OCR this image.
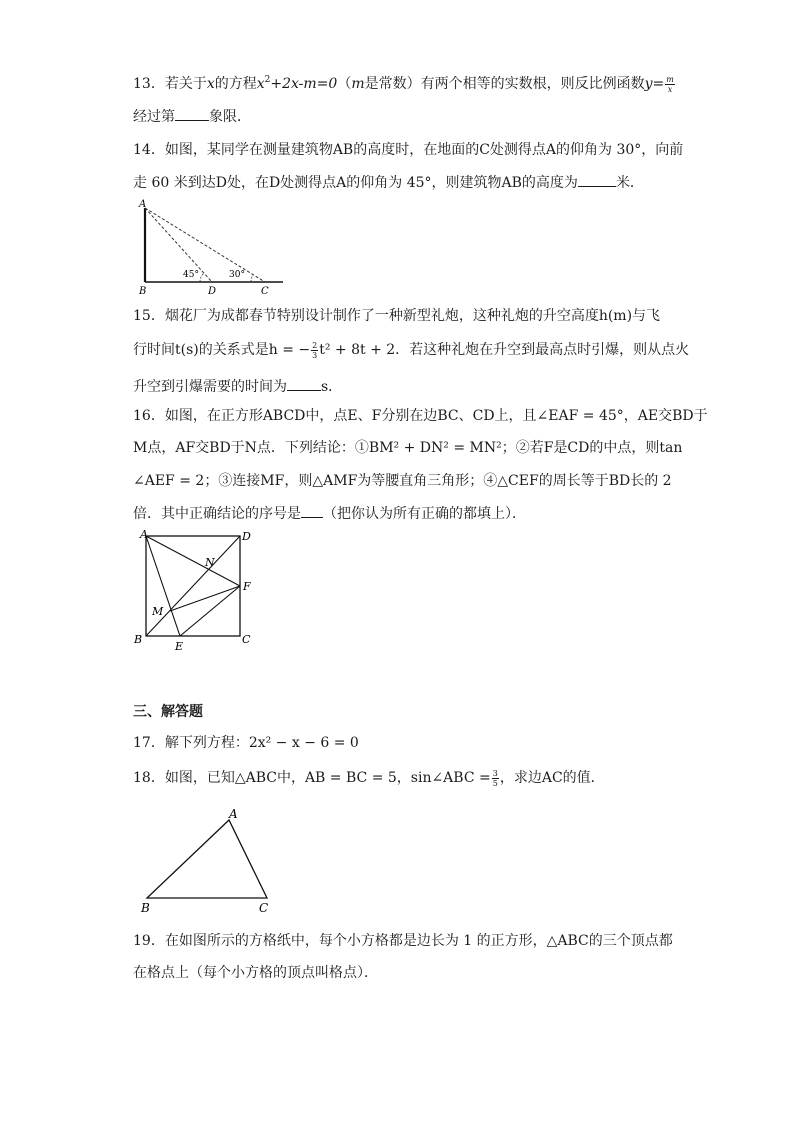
13．若关于x的方程$x^2+2x-m=0(m$是常数）有两个相等的实数根，则反比例函数$y= \frac{m}{x}$
经过第 象限．
14．如图，某同学在测量建筑物AB的高度时，在地面的C处测得点A的仰角为 30°，向前
走 60 米到达D处，在D处测得点A的仰角为 45°，则建筑物AB的高度为	米．
A
B	D	C
45°	30°
15．烟花厂为成都春节特别设计制作了一种新型礼炮，这种礼炮的升空高度h(m)与飞
行时间t(s)的关系式是h = − $\frac{2}{3} t^2 + 8t + 2$．若这种礼炮在升空到最高点时引爆，则从点火
升空到引爆需要的时间为 s．
16．如图，在正方形ABCD中，点E、F分别在边BC、CD上，且∠EAF = 45°，AE交BD于
M点，AF交BD于N点．下列结论：①BM² + DN² = MN²；②若F是CD的中点，则tan
∠AEF = 2；③连接MF，则△AMF为等腰直角三角形；④△CEF的周长等于BD长的 2
倍．其中正确结论的序号是 （把你认为所有正确的都填上）．
A	D
N
F
M
B
E
C
三、解答题
17．解下列方程：2x² − x − 6 = 0
18．如图，已知△ABC中，AB = BC = 5，sin∠ABC = $\frac{3}{5}$ ，求边AC的值．
A
B	C
19．在如图所示的方格纸中，每个小方格都是边长为 1 的正方形，△ABC的三个顶点都
在格点上（每个小方格的顶点叫格点）．
